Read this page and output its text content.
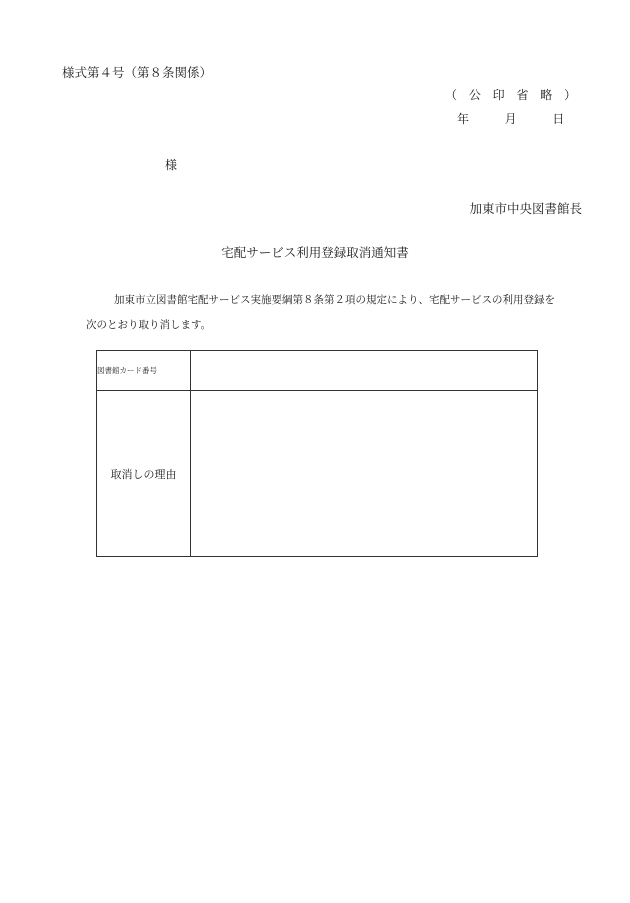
様式第４号（第８条関係）
（ 公 印 省 略 ）
年	月	日
様
加東市中央図書館長
宅配サービス利用登録取消通知書
加東市立図書館宅配サービス実施要綱第８条第２項の規定により、宅配サービスの利用登録を
次のとおり取り消します。
図書館カード番号	
取消しの理由	
